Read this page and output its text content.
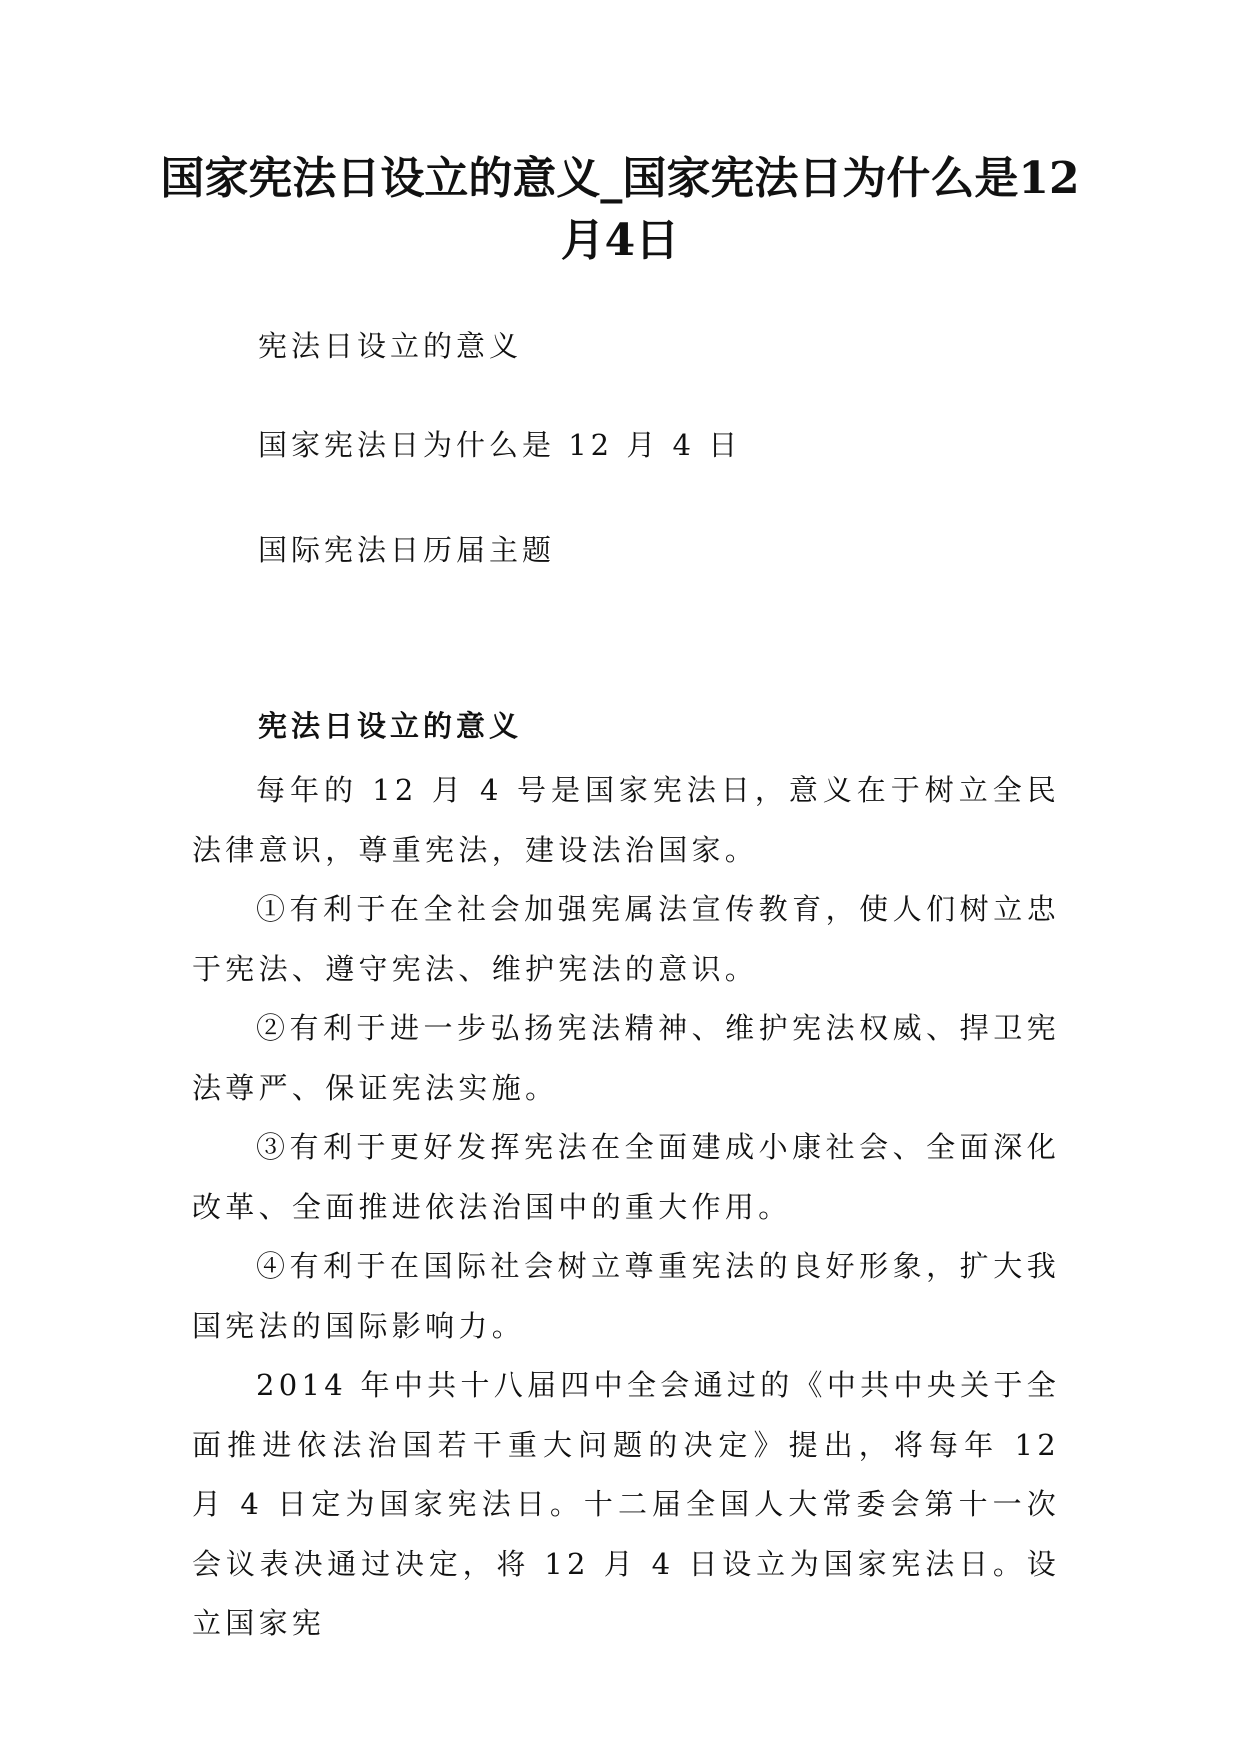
国家宪法日设立的意义_国家宪法日为什么是12月4日
宪法日设立的意义
国家宪法日为什么是 12 月 4 日
国际宪法日历届主题
宪法日设立的意义

每年的 12 月 4 号是国家宪法日，意义在于树立全民法律意识，尊重宪法，建设法治国家。

①有利于在全社会加强宪属法宣传教育，使人们树立忠于宪法、遵守宪法、维护宪法的意识。

②有利于进一步弘扬宪法精神、维护宪法权威、捍卫宪法尊严、保证宪法实施。

③有利于更好发挥宪法在全面建成小康社会、全面深化改革、全面推进依法治国中的重大作用。

④有利于在国际社会树立尊重宪法的良好形象，扩大我国宪法的国际影响力。

2014 年中共十八届四中全会通过的《中共中央关于全面推进依法治国若干重大问题的决定》提出，将每年 12 月 4 日定为国家宪法日。十二届全国人大常委会第十一次会议表决通过决定，将 12 月 4 日设立为国家宪法日。设立国家宪
